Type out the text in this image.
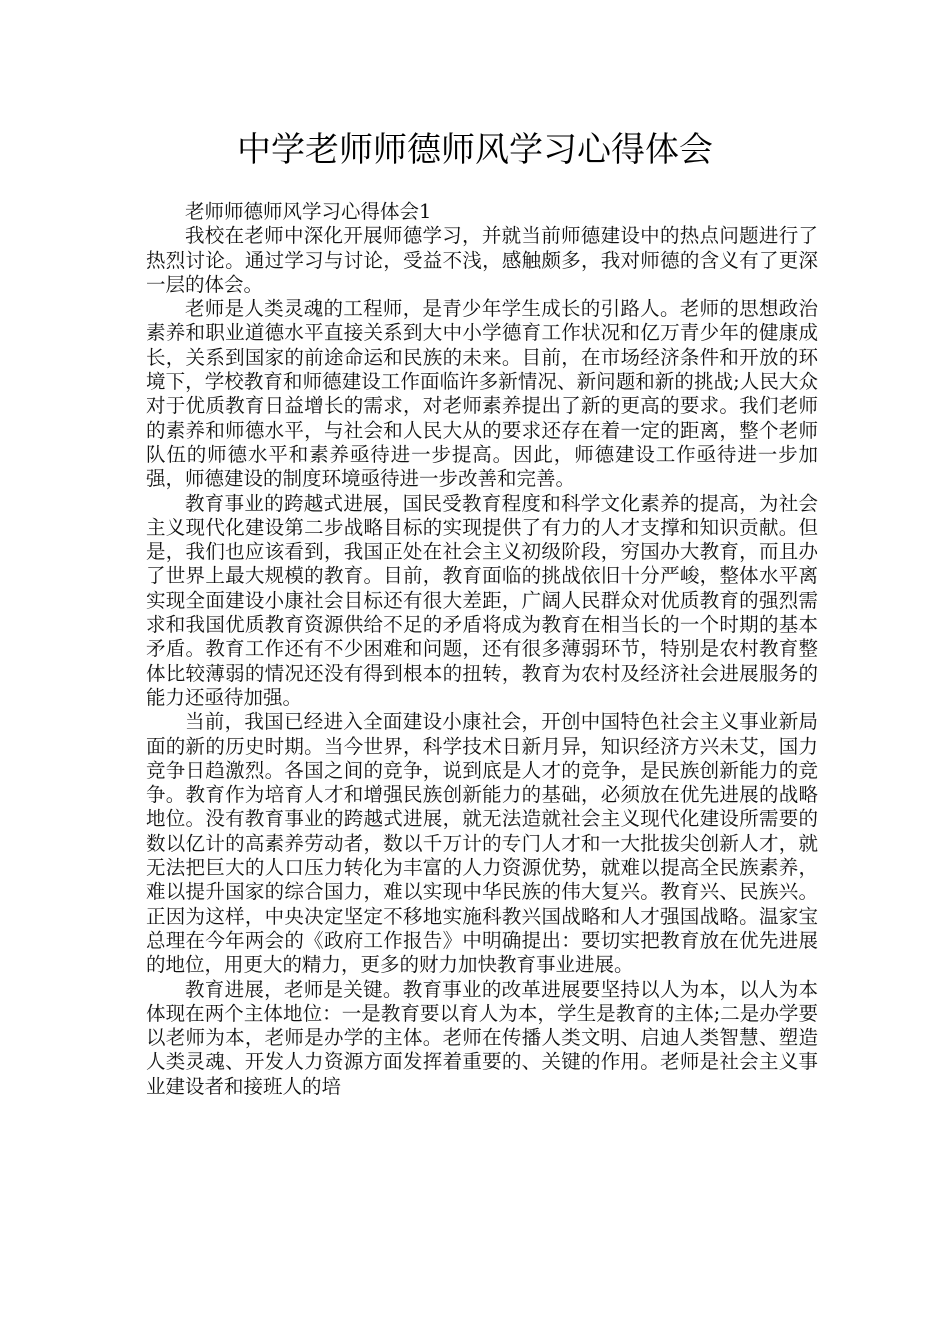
中学老师师德师风学习心得体会

老师师德师风学习心得体会1

我校在老师中深化开展师德学习，并就当前师德建设中的热点问题进行了热烈讨论。通过学习与讨论，受益不浅，感触颇多，我对师德的含义有了更深一层的体会。

老师是人类灵魂的工程师，是青少年学生成长的引路人。老师的思想政治素养和职业道德水平直接关系到大中小学德育工作状况和亿万青少年的健康成长，关系到国家的前途命运和民族的未来。目前，在市场经济条件和开放的环境下，学校教育和师德建设工作面临许多新情况、新问题和新的挑战;人民大众对于优质教育日益增长的需求，对老师素养提出了新的更高的要求。我们老师的素养和师德水平，与社会和人民大从的要求还存在着一定的距离，整个老师队伍的师德水平和素养亟待进一步提高。因此，师德建设工作亟待进一步加强，师德建设的制度环境亟待进一步改善和完善。

教育事业的跨越式进展，国民受教育程度和科学文化素养的提高，为社会主义现代化建设第二步战略目标的实现提供了有力的人才支撑和知识贡献。但是，我们也应该看到，我国正处在社会主义初级阶段，穷国办大教育，而且办了世界上最大规模的教育。目前，教育面临的挑战依旧十分严峻，整体水平离实现全面建设小康社会目标还有很大差距，广阔人民群众对优质教育的强烈需求和我国优质教育资源供给不足的矛盾将成为教育在相当长的一个时期的基本矛盾。教育工作还有不少困难和问题，还有很多薄弱环节，特别是农村教育整体比较薄弱的情况还没有得到根本的扭转，教育为农村及经济社会进展服务的能力还亟待加强。

当前，我国已经进入全面建设小康社会，开创中国特色社会主义事业新局面的新的历史时期。当今世界，科学技术日新月异，知识经济方兴未艾，国力竞争日趋激烈。各国之间的竞争，说到底是人才的竞争，是民族创新能力的竞争。教育作为培育人才和增强民族创新能力的基础，必须放在优先进展的战略地位。没有教育事业的跨越式进展，就无法造就社会主义现代化建设所需要的数以亿计的高素养劳动者，数以千万计的专门人才和一大批拔尖创新人才，就无法把巨大的人口压力转化为丰富的人力资源优势，就难以提高全民族素养，难以提升国家的综合国力，难以实现中华民族的伟大复兴。教育兴、民族兴。正因为这样，中央决定坚定不移地实施科教兴国战略和人才强国战略。温家宝总理在今年两会的《政府工作报告》中明确提出：要切实把教育放在优先进展的地位，用更大的精力，更多的财力加快教育事业进展。

教育进展，老师是关键。教育事业的改革进展要坚持以人为本，以人为本体现在两个主体地位：一是教育要以育人为本，学生是教育的主体;二是办学要以老师为本，老师是办学的主体。老师在传播人类文明、启迪人类智慧、塑造人类灵魂、开发人力资源方面发挥着重要的、关键的作用。老师是社会主义事业建设者和接班人的培
